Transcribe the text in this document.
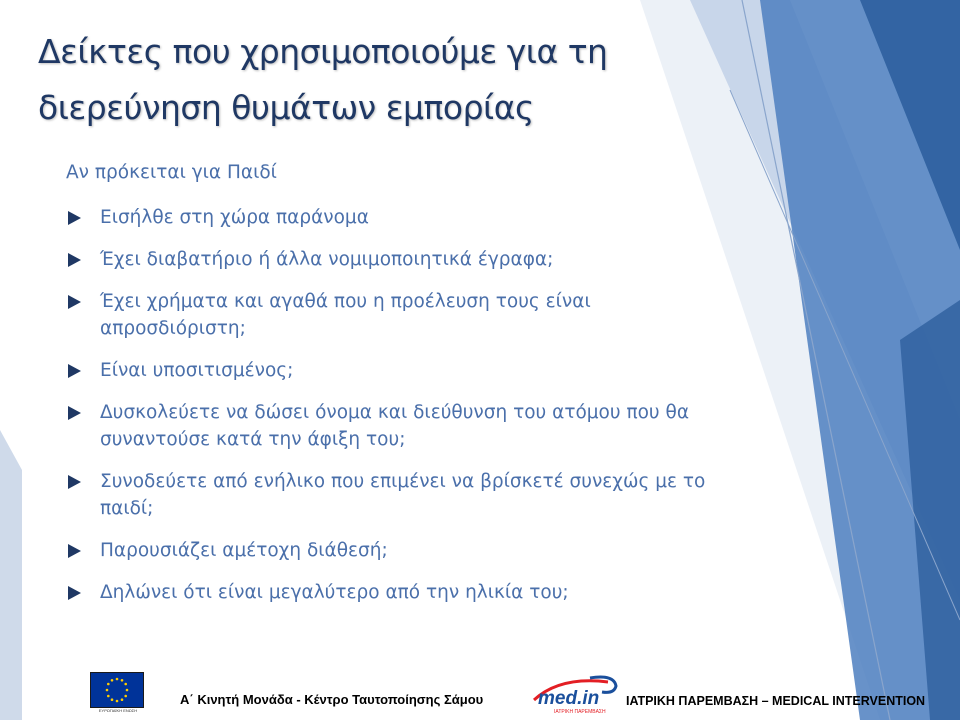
Δείκτες που χρησιμοποιούμε για τη
διερεύνηση θυμάτων εμπορίας
Αν πρόκειται για Παιδί
Εισήλθε στη χώρα παράνομα
Έχει διαβατήριο ή άλλα νομιμοποιητικά έγραφα;
Έχει χρήματα και αγαθά που η προέλευση τους είναι απροσδιόριστη;
Είναι υποσιτισμένος;
Δυσκολεύετε να δώσει όνομα και διεύθυνση του ατόμου που θα συναντούσε κατά την άφιξη του;
Συνοδεύετε από ενήλικο που επιμένει να βρίσκετέ συνεχώς με το παιδί;
Παρουσιάζει αμέτοχη διάθεσή;
Δηλώνει ότι είναι μεγαλύτερο από την ηλικία του;
ΕΥΡΩΠΑΪΚΗ ΕΝΩΣΗ
Α΄ Κινητή Μονάδα - Κέντρο Ταυτοποίησης Σάμου	med.in
ΙΑΤΡΙΚΗ ΠΑΡΕΜΒΑΣΗ
ΙΑΤΡΙΚΗ ΠΑΡΕΜΒΑΣΗ – MEDICAL INTERVENTION
